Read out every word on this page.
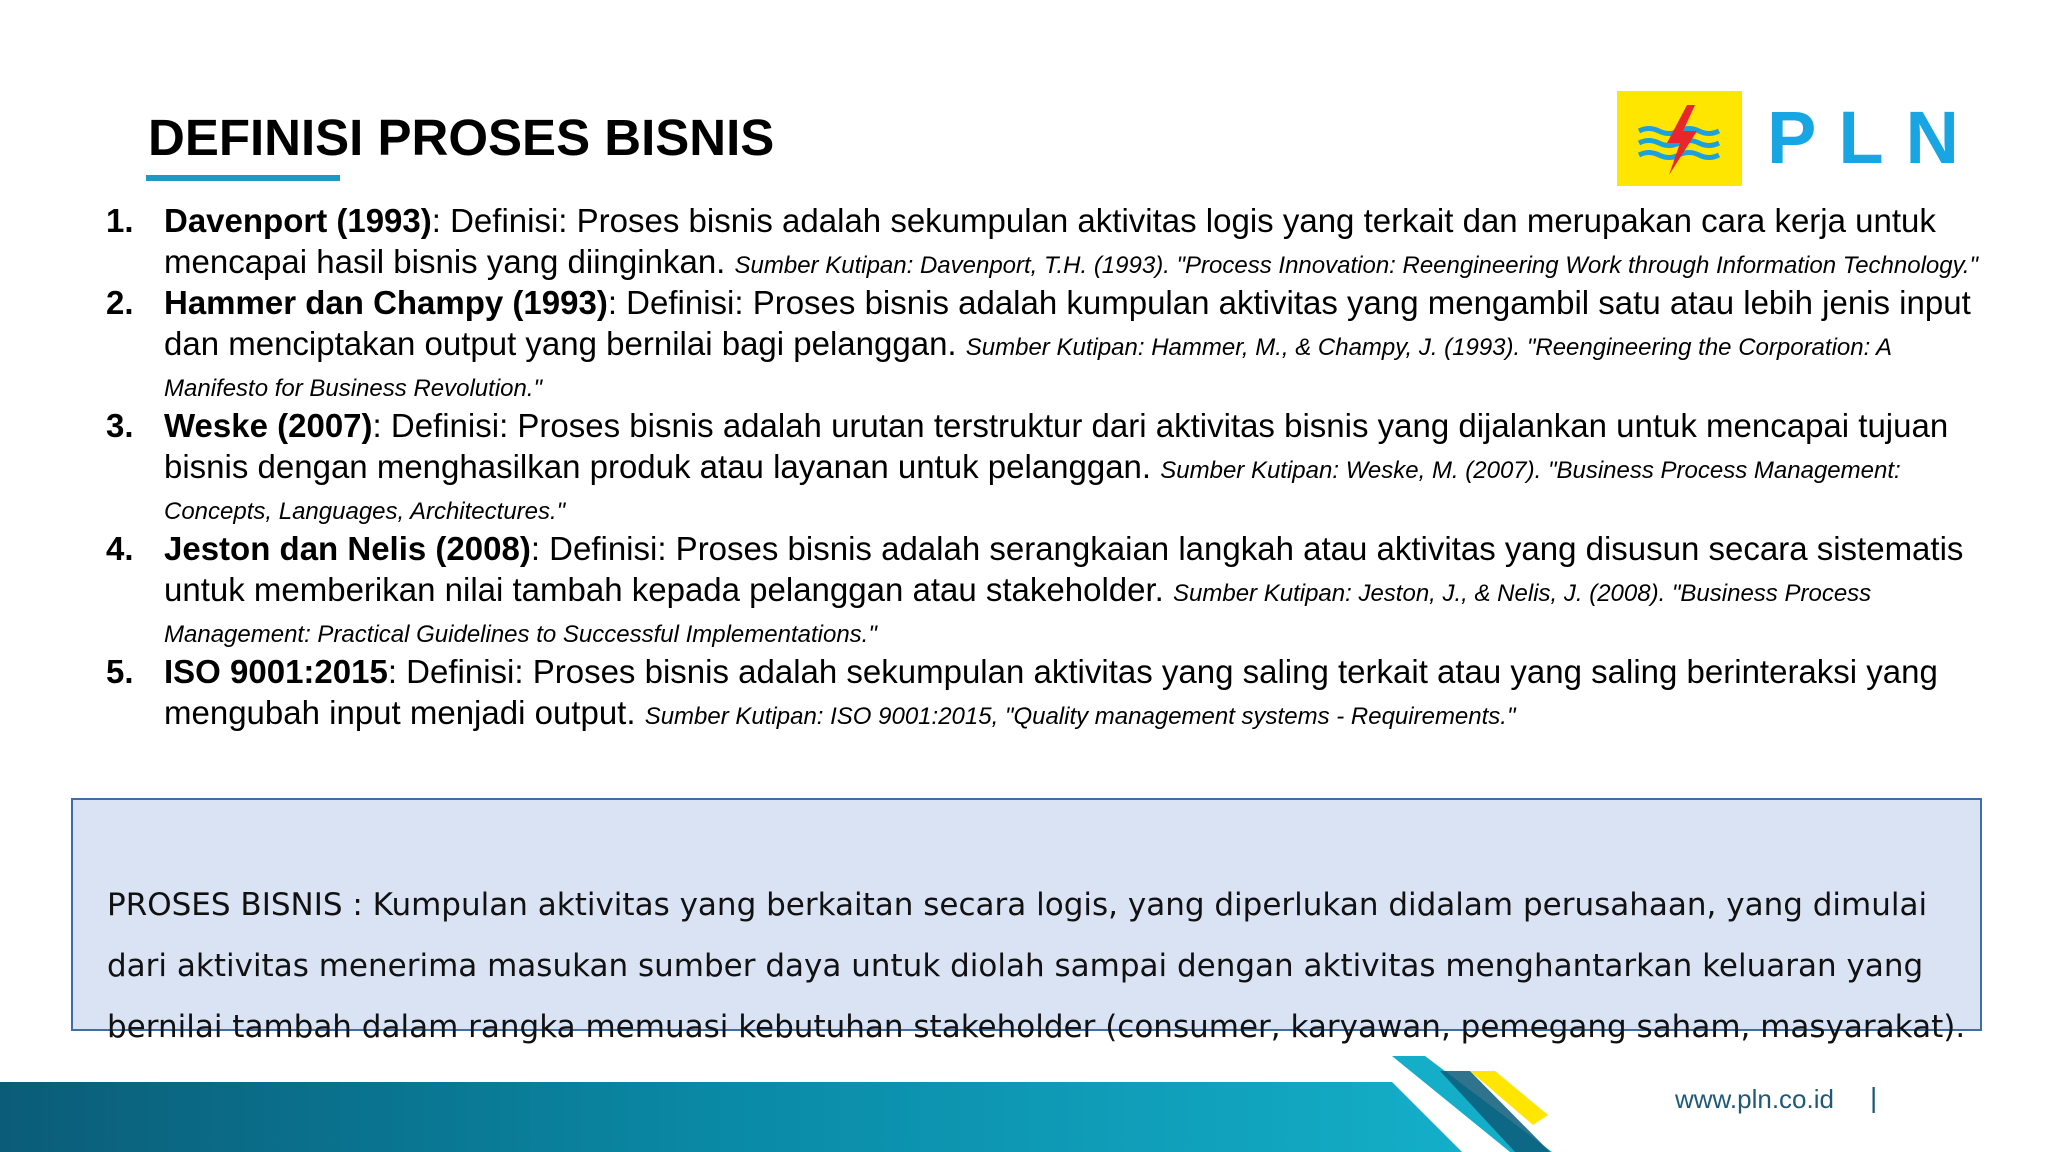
DEFINISI PROSES BISNIS	PLN
1. Davenport (1993): Definisi: Proses bisnis adalah sekumpulan aktivitas logis yang terkait dan merupakan cara kerja untuk mencapai hasil bisnis yang diinginkan. Sumber Kutipan: Davenport, T.H. (1993). "Process Innovation: Reengineering Work through Information Technology."
2. Hammer dan Champy (1993): Definisi: Proses bisnis adalah kumpulan aktivitas yang mengambil satu atau lebih jenis input dan menciptakan output yang bernilai bagi pelanggan. Sumber Kutipan: Hammer, M., & Champy, J. (1993). "Reengineering the Corporation: A Manifesto for Business Revolution."
3. Weske (2007): Definisi: Proses bisnis adalah urutan terstruktur dari aktivitas bisnis yang dijalankan untuk mencapai tujuan bisnis dengan menghasilkan produk atau layanan untuk pelanggan. Sumber Kutipan: Weske, M. (2007). "Business Process Management: Concepts, Languages, Architectures."
4. Jeston dan Nelis (2008): Definisi: Proses bisnis adalah serangkaian langkah atau aktivitas yang disusun secara sistematis untuk memberikan nilai tambah kepada pelanggan atau stakeholder. Sumber Kutipan: Jeston, J., & Nelis, J. (2008). "Business Process Management: Practical Guidelines to Successful Implementations."
5. ISO 9001:2015: Definisi: Proses bisnis adalah sekumpulan aktivitas yang saling terkait atau yang saling berinteraksi yang mengubah input menjadi output. Sumber Kutipan: ISO 9001:2015, "Quality management systems - Requirements."
PROSES BISNIS : Kumpulan aktivitas yang berkaitan secara logis, yang diperlukan didalam perusahaan, yang dimulai dari aktivitas menerima masukan sumber daya untuk diolah sampai dengan aktivitas menghantarkan keluaran yang bernilai tambah dalam rangka memuasi kebutuhan stakeholder (consumer, karyawan, pemegang saham, masyarakat).
www.pln.co.id |
